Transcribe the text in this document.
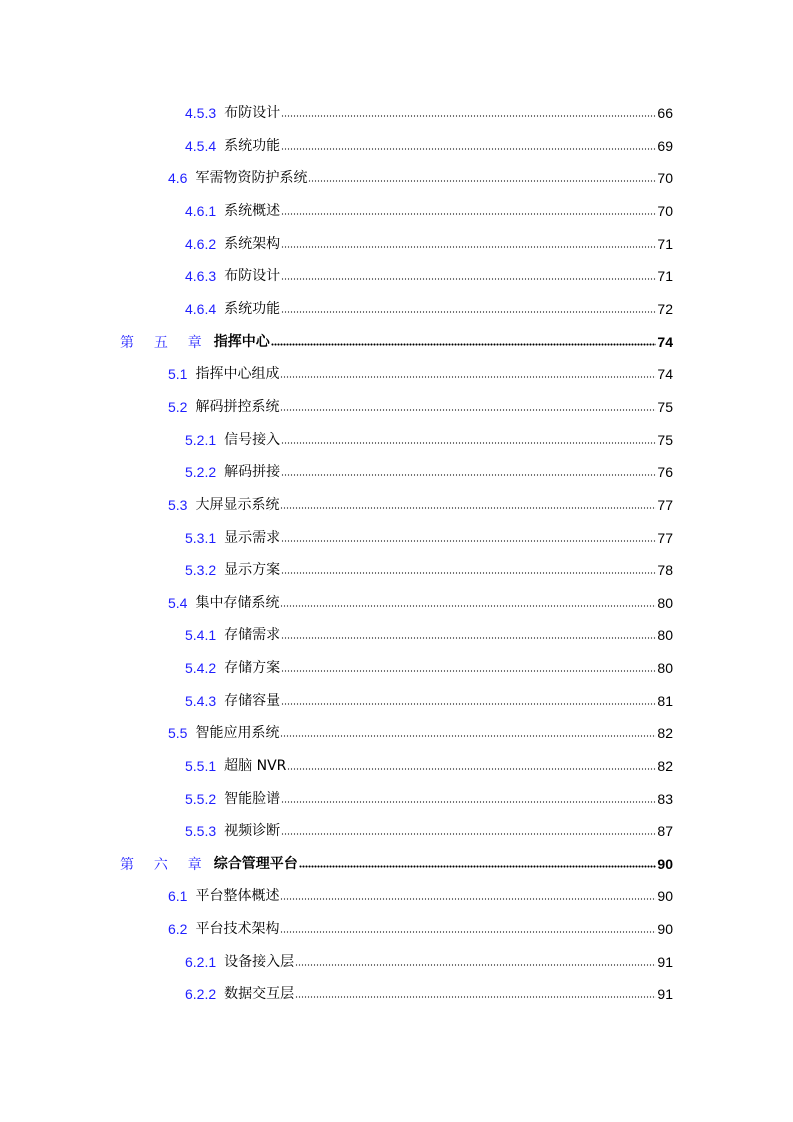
4.5.3 布防设计	66
4.5.4 系统功能	69
4.6 军需物资防护系统	70
4.6.1 系统概述	70
4.6.2 系统架构	71
4.6.3 布防设计	71
4.6.4 系统功能	72
第 五 章 指挥中心	74
5.1 指挥中心组成	74
5.2 解码拼控系统	75
5.2.1 信号接入	75
5.2.2 解码拼接	76
5.3 大屏显示系统	77
5.3.1 显示需求	77
5.3.2 显示方案	78
5.4 集中存储系统	80
5.4.1 存储需求	80
5.4.2 存储方案	80
5.4.3 存储容量	81
5.5 智能应用系统	82
5.5.1 超脑 NVR	82
5.5.2 智能脸谱	83
5.5.3 视频诊断	87
第 六 章 综合管理平台	90
6.1 平台整体概述	90
6.2 平台技术架构	90
6.2.1 设备接入层	91
6.2.2 数据交互层	91
